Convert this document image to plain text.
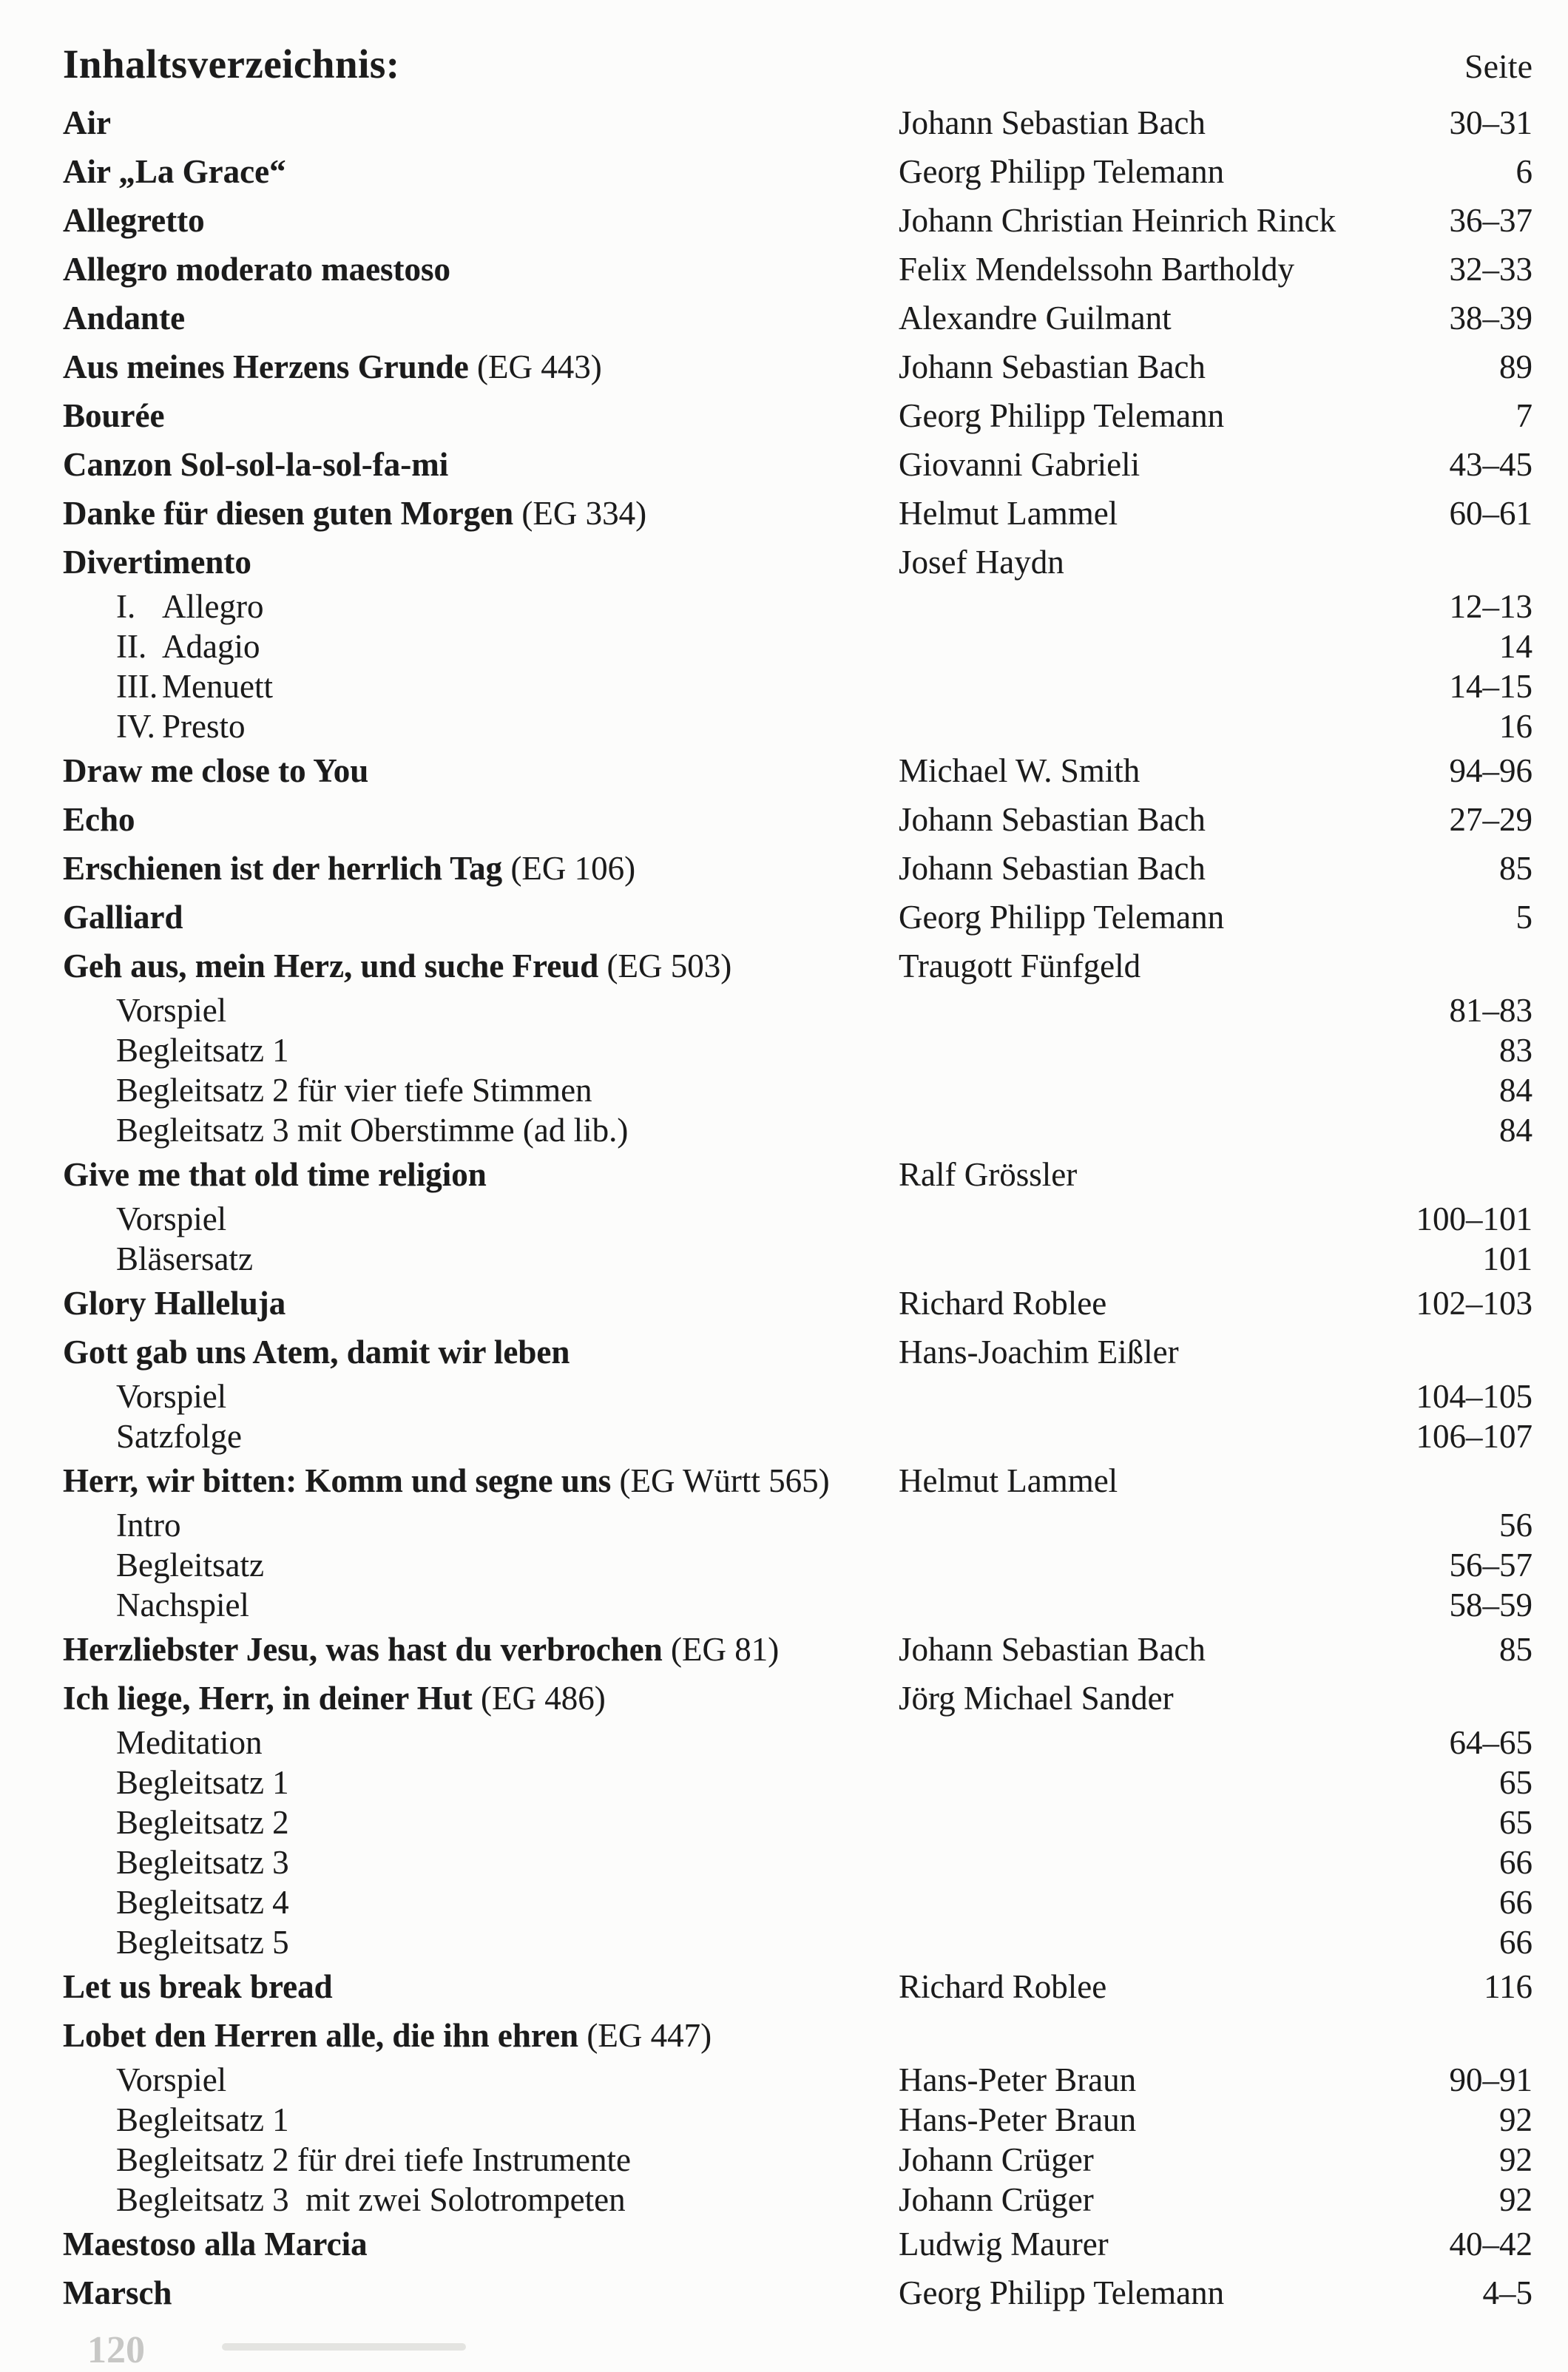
Inhaltsverzeichnis:	Seite
Air	Johann Sebastian Bach	30–31
Air „La Grace“	Georg Philipp Telemann	6
Allegretto	Johann Christian Heinrich Rinck	36–37
Allegro moderato maestoso	Felix Mendelssohn Bartholdy	32–33
Andante	Alexandre Guilmant	38–39
Aus meines Herzens Grunde (EG 443)	Johann Sebastian Bach	89
Bourée	Georg Philipp Telemann	7
Canzon Sol-sol-la-sol-fa-mi	Giovanni Gabrieli	43–45
Danke für diesen guten Morgen (EG 334)	Helmut Lammel	60–61
Divertimento	Josef Haydn
I. Allegro	12–13
II. Adagio	14
III. Menuett	14–15
IV. Presto	16
Draw me close to You	Michael W. Smith	94–96
Echo	Johann Sebastian Bach	27–29
Erschienen ist der herrlich Tag (EG 106)	Johann Sebastian Bach	85
Galliard	Georg Philipp Telemann	5
Geh aus, mein Herz, und suche Freud (EG 503)	Traugott Fünfgeld
Vorspiel	81–83
Begleitsatz 1	83
Begleitsatz 2 für vier tiefe Stimmen	84
Begleitsatz 3 mit Oberstimme (ad lib.)	84
Give me that old time religion	Ralf Grössler
Vorspiel	100–101
Bläsersatz	101
Glory Halleluja	Richard Roblee	102–103
Gott gab uns Atem, damit wir leben	Hans-Joachim Eißler
Vorspiel	104–105
Satzfolge	106–107
Herr, wir bitten: Komm und segne uns (EG Württ 565)	Helmut Lammel
Intro	56
Begleitsatz	56–57
Nachspiel	58–59
Herzliebster Jesu, was hast du verbrochen (EG 81)	Johann Sebastian Bach	85
Ich liege, Herr, in deiner Hut (EG 486)	Jörg Michael Sander
Meditation	64–65
Begleitsatz 1	65
Begleitsatz 2	65
Begleitsatz 3	66
Begleitsatz 4	66
Begleitsatz 5	66
Let us break bread	Richard Roblee	116
Lobet den Herren alle, die ihn ehren (EG 447)
Vorspiel	Hans-Peter Braun	90–91
Begleitsatz 1	Hans-Peter Braun	92
Begleitsatz 2 für drei tiefe Instrumente	Johann Crüger	92
Begleitsatz 3  mit zwei Solotrompeten	Johann Crüger	92
Maestoso alla Marcia	Ludwig Maurer	40–42
Marsch	Georg Philipp Telemann	4–5
120
